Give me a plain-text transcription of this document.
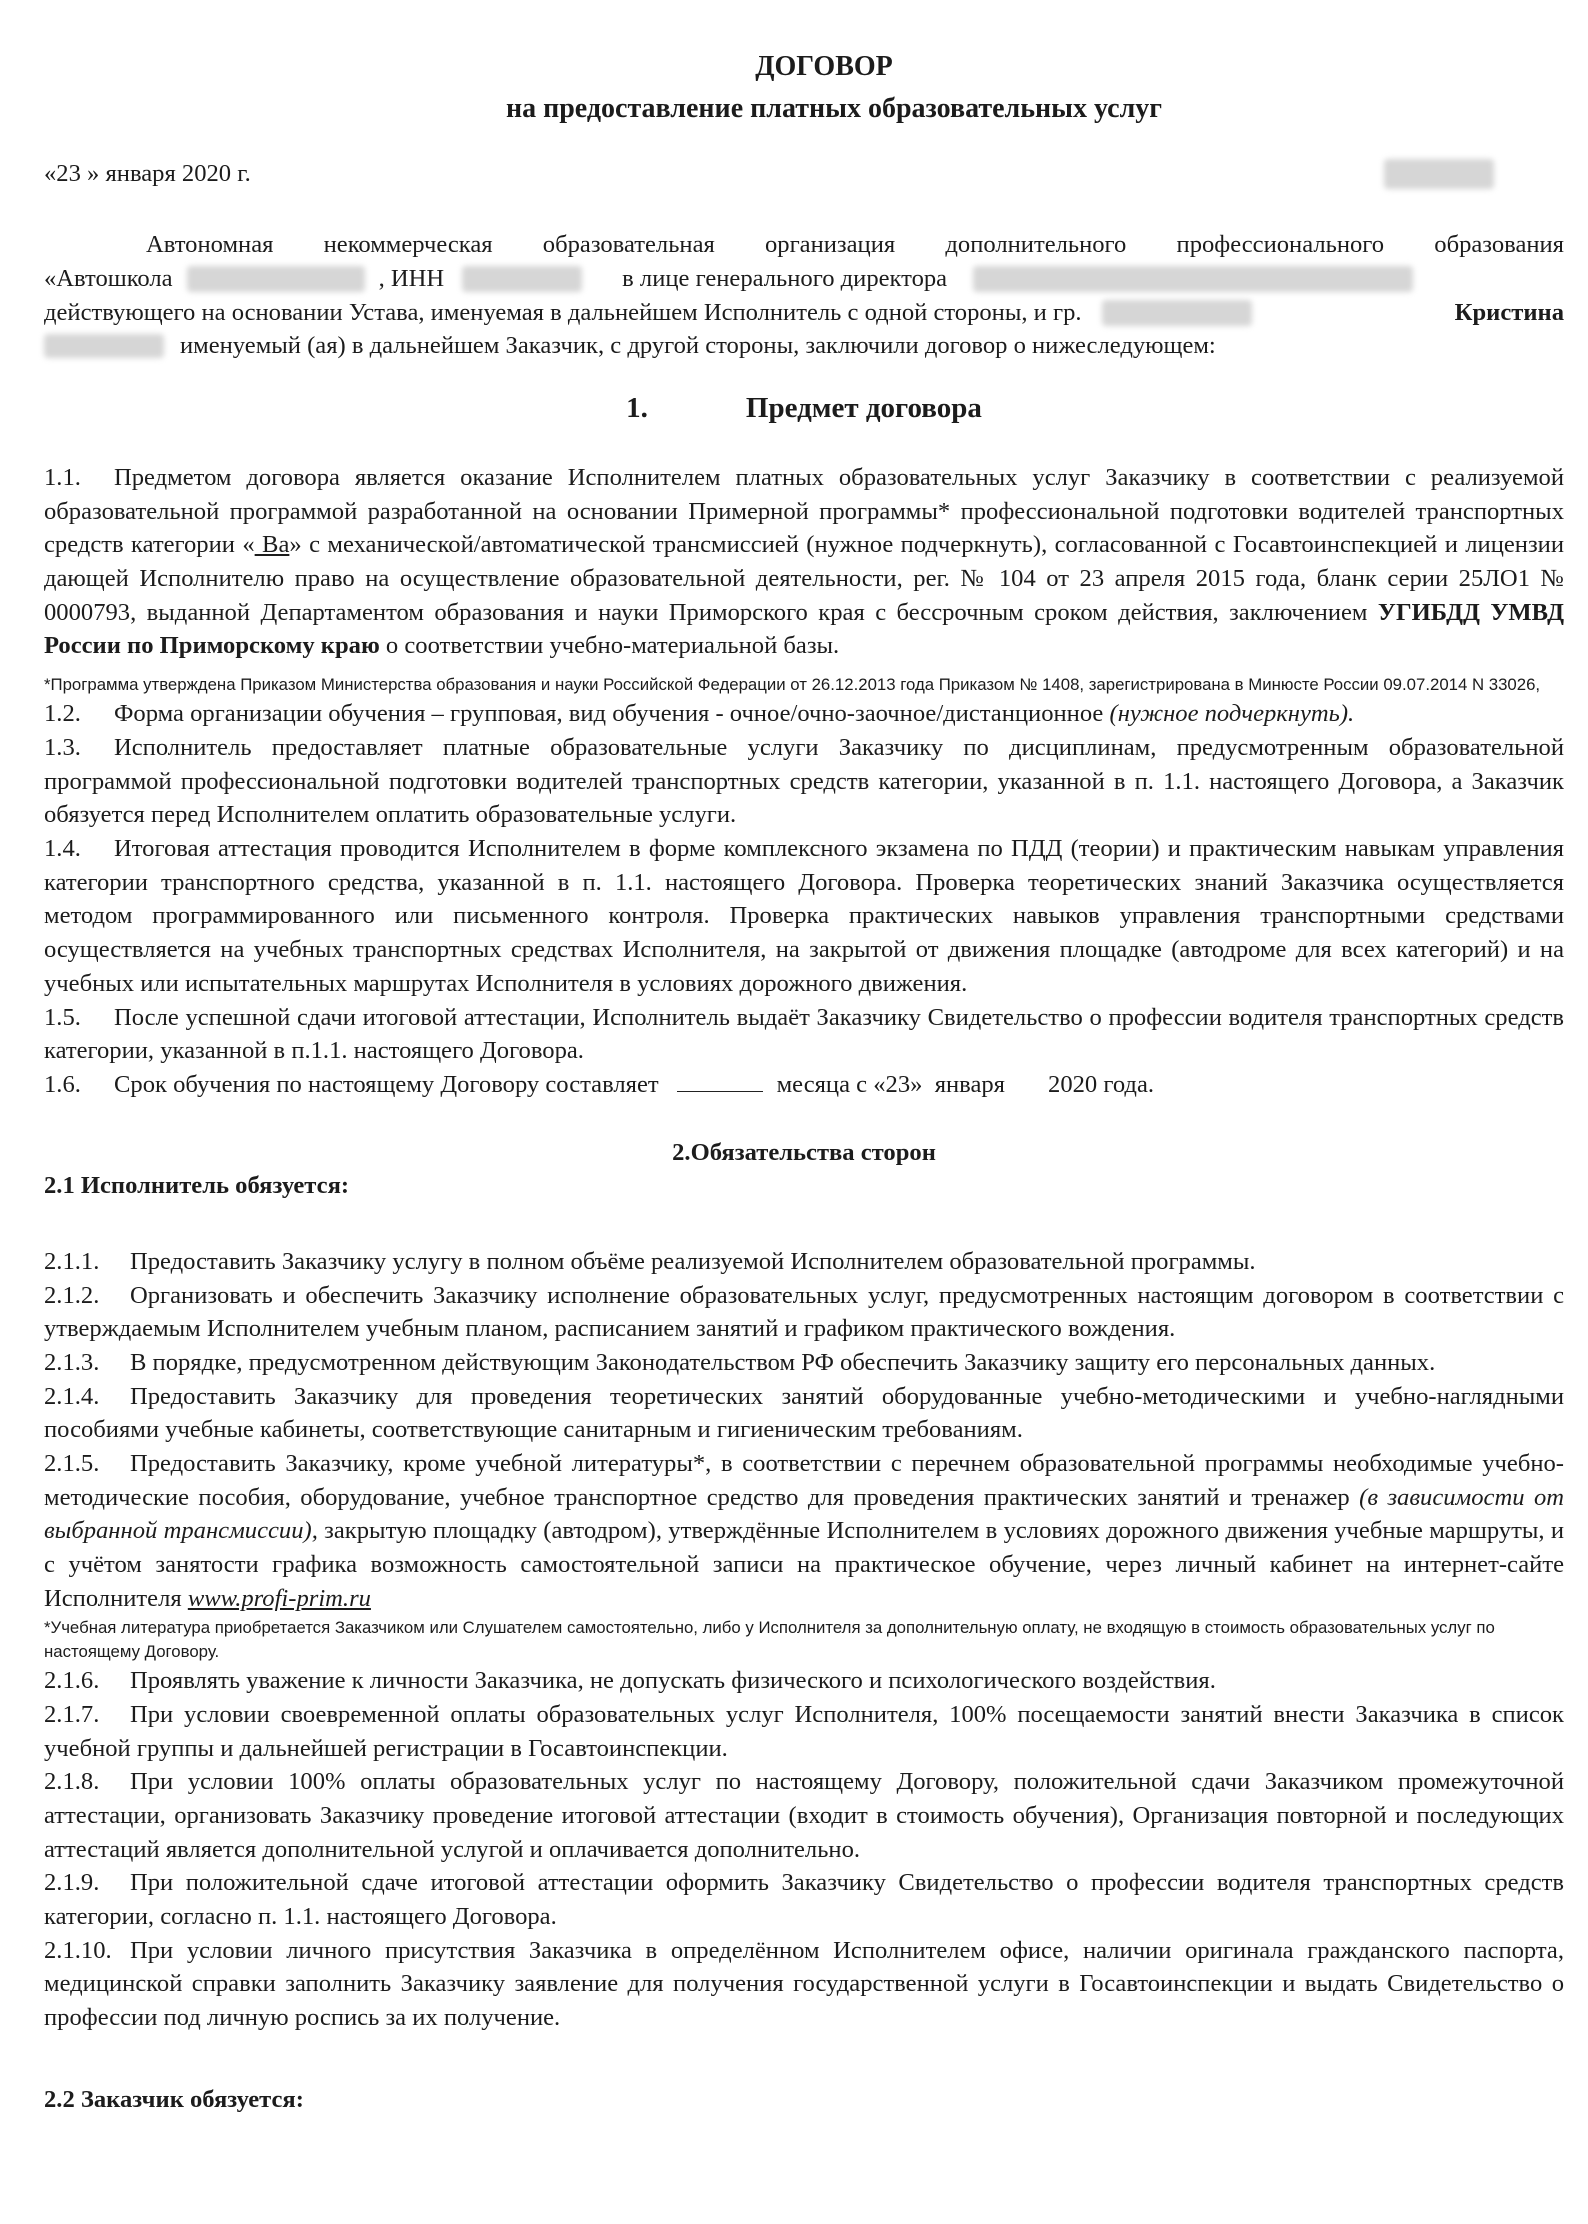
ДОГОВОР
на предоставление платных образовательных услуг
«23 » января 2020 г.
Автономная некоммерческая образовательная организация дополнительного профессионального образования
«Автошкола	, ИНН	в лице генерального директора
действующего на основании Устава, именуемая в дальнейшем Исполнитель с одной стороны, и гр.	Кристина
именуемый (ая) в дальнейшем Заказчик, с другой стороны, заключили договор о нижеследующем:
1.	Предмет договора
1.1. Предметом договора является оказание Исполнителем платных образовательных услуг Заказчику в соответствии с реализуемой образовательной программой разработанной на основании Примерной программы* профессиональной подготовки водителей транспортных средств категории « Ва» с механической/автоматической трансмиссией (нужное подчеркнуть), согласованной с Госавтоинспекцией и лицензии дающей Исполнителю право на осуществление образовательной деятельности, рег. № 104 от 23 апреля 2015 года, бланк серии 25ЛО1 № 0000793, выданной Департаментом образования и науки Приморского края с бессрочным сроком действия, заключением УГИБДД УМВД России по Приморскому краю о соответствии учебно-материальной базы.
*Программа утверждена Приказом Министерства образования и науки Российской Федерации от 26.12.2013 года Приказом № 1408, зарегистрирована в Минюсте России 09.07.2014 N 33026,
1.2. Форма организации обучения – групповая, вид обучения - очное/очно-заочное/дистанционное (нужное подчеркнуть).
1.3. Исполнитель предоставляет платные образовательные услуги Заказчику по дисциплинам, предусмотренным образовательной программой профессиональной подготовки водителей транспортных средств категории, указанной в п. 1.1. настоящего Договора, а Заказчик обязуется перед Исполнителем оплатить образовательные услуги.
1.4. Итоговая аттестация проводится Исполнителем в форме комплексного экзамена по ПДД (теории) и практическим навыкам управления категории транспортного средства, указанной в п. 1.1. настоящего Договора. Проверка теоретических знаний Заказчика осуществляется методом программированного или письменного контроля. Проверка практических навыков управления транспортными средствами осуществляется на учебных транспортных средствах Исполнителя, на закрытой от движения площадке (автодроме для всех категорий) и на учебных или испытательных маршрутах Исполнителя в условиях дорожного движения.
1.5. После успешной сдачи итоговой аттестации, Исполнитель выдаёт Заказчику Свидетельство о профессии водителя транспортных средств категории, указанной в п.1.1. настоящего Договора.
1.6. Срок обучения по настоящему Договору составляет	месяца с «23»  января       2020 года.
2.Обязательства сторон
2.1 Исполнитель обязуется:
2.1.1. Предоставить Заказчику услугу в полном объёме реализуемой Исполнителем образовательной программы.
2.1.2. Организовать и обеспечить Заказчику исполнение образовательных услуг, предусмотренных настоящим договором в соответствии с утверждаемым Исполнителем учебным планом, расписанием занятий и графиком практического вождения.
2.1.3. В порядке, предусмотренном действующим Законодательством РФ обеспечить Заказчику защиту его персональных данных.
2.1.4. Предоставить Заказчику для проведения теоретических занятий оборудованные учебно-методическими и учебно-наглядными пособиями учебные кабинеты, соответствующие санитарным и гигиеническим требованиям.
2.1.5. Предоставить Заказчику, кроме учебной литературы*, в соответствии с перечнем образовательной программы необходимые учебно-методические пособия, оборудование, учебное транспортное средство для проведения практических занятий и тренажер (в зависимости от выбранной трансмиссии), закрытую площадку (автодром), утверждённые Исполнителем в условиях дорожного движения учебные маршруты, и с учётом занятости графика возможность самостоятельной записи на практическое обучение, через личный кабинет на интернет-сайте Исполнителя www.profi-prim.ru
*Учебная литература приобретается Заказчиком или Слушателем самостоятельно, либо у Исполнителя за дополнительную оплату, не входящую в стоимость образовательных услуг по настоящему Договору.
2.1.6. Проявлять уважение к личности Заказчика, не допускать физического и психологического воздействия.
2.1.7. При условии своевременной оплаты образовательных услуг Исполнителя, 100% посещаемости занятий внести Заказчика в список учебной группы и дальнейшей регистрации в Госавтоинспекции.
2.1.8. При условии 100% оплаты образовательных услуг по настоящему Договору, положительной сдачи Заказчиком промежуточной аттестации, организовать Заказчику проведение итоговой аттестации (входит в стоимость обучения), Организация повторной и последующих аттестаций является дополнительной услугой и оплачивается дополнительно.
2.1.9. При положительной сдаче итоговой аттестации оформить Заказчику Свидетельство о профессии водителя транспортных средств категории, согласно п. 1.1. настоящего Договора.
2.1.10. При условии личного присутствия Заказчика в определённом Исполнителем офисе, наличии оригинала гражданского паспорта, медицинской справки заполнить Заказчику заявление для получения государственной услуги в Госавтоинспекции и выдать Свидетельство о профессии под личную роспись за их получение.
2.2 Заказчик обязуется:
